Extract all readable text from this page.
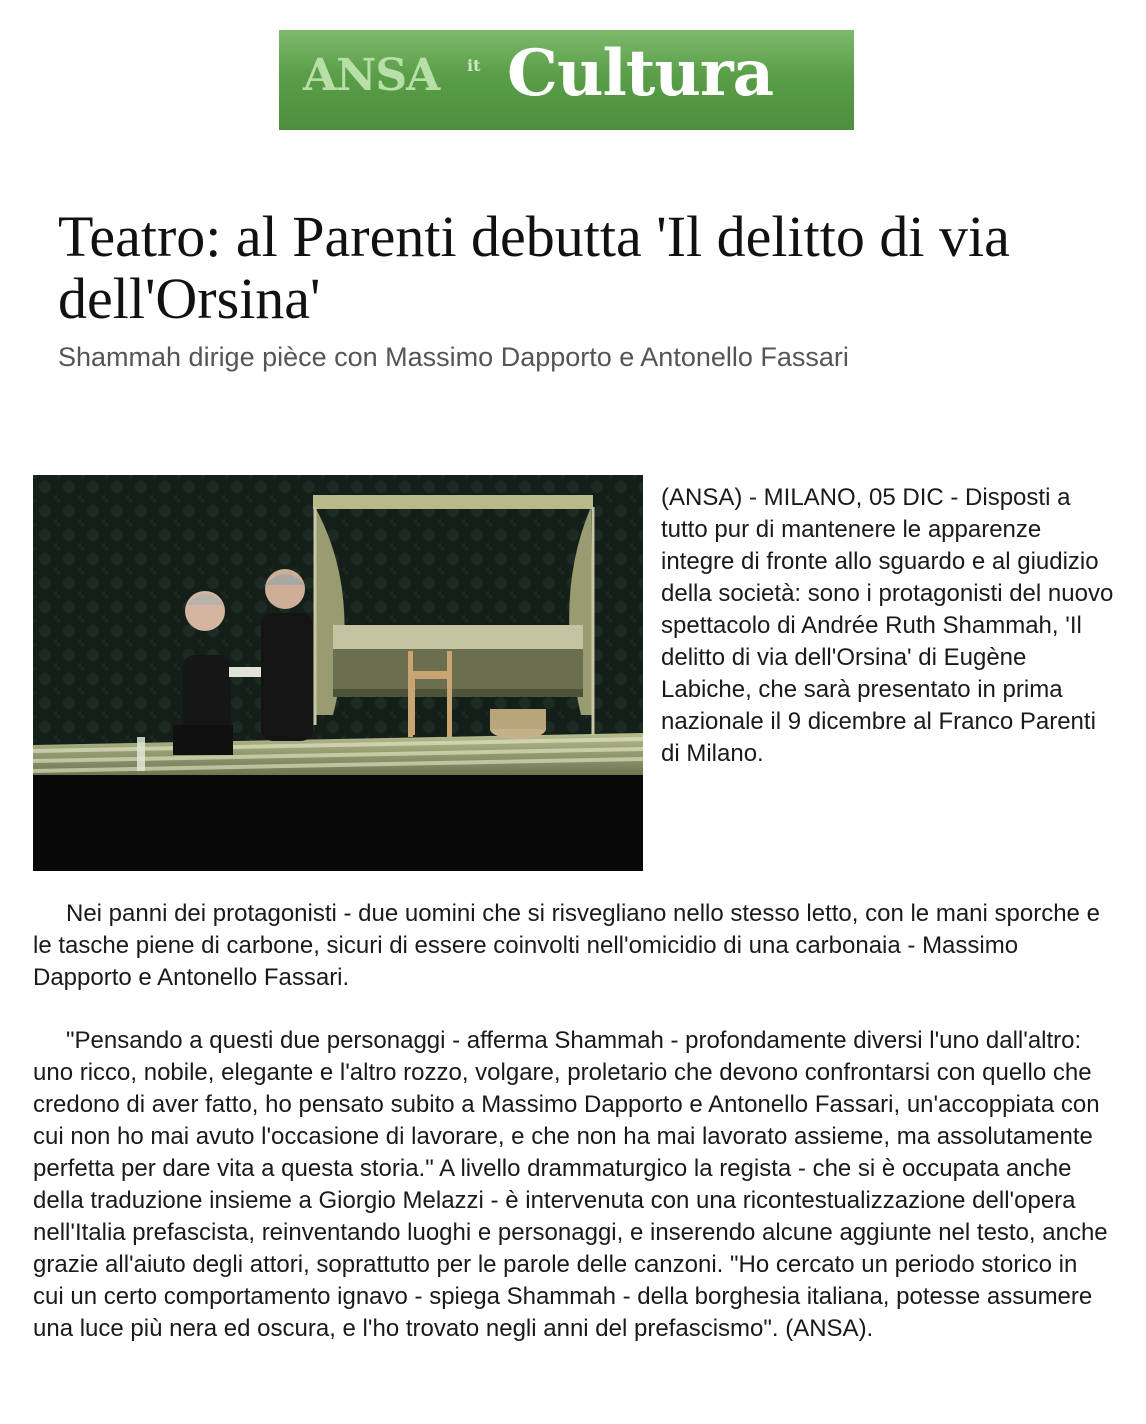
ANSA it Cultura
Teatro: al Parenti debutta 'Il delitto di via dell'Orsina'
Shammah dirige pièce con Massimo Dapporto e Antonello Fassari
(ANSA) - MILANO, 05 DIC - Disposti a tutto pur di mantenere le apparenze integre di fronte allo sguardo e al giudizio della società: sono i protagonisti del nuovo spettacolo di Andrée Ruth Shammah, 'Il delitto di via dell'Orsina' di Eugène Labiche, che sarà presentato in prima nazionale il 9 dicembre al Franco Parenti di Milano.

Nei panni dei protagonisti - due uomini che si risvegliano nello stesso letto, con le mani sporche e le tasche piene di carbone, sicuri di essere coinvolti nell'omicidio di una carbonaia - Massimo Dapporto e Antonello Fassari.

"Pensando a questi due personaggi - afferma Shammah - profondamente diversi l'uno dall'altro: uno ricco, nobile, elegante e l'altro rozzo, volgare, proletario che devono confrontarsi con quello che credono di aver fatto, ho pensato subito a Massimo Dapporto e Antonello Fassari, un'accoppiata con cui non ho mai avuto l'occasione di lavorare, e che non ha mai lavorato assieme, ma assolutamente perfetta per dare vita a questa storia." A livello drammaturgico la regista - che si è occupata anche della traduzione insieme a Giorgio Melazzi - è intervenuta con una ricontestualizzazione dell'opera nell'Italia prefascista, reinventando luoghi e personaggi, e inserendo alcune aggiunte nel testo, anche grazie all'aiuto degli attori, soprattutto per le parole delle canzoni. "Ho cercato un periodo storico in cui un certo comportamento ignavo - spiega Shammah - della borghesia italiana, potesse assumere una luce più nera ed oscura, e l'ho trovato negli anni del prefascismo". (ANSA).
